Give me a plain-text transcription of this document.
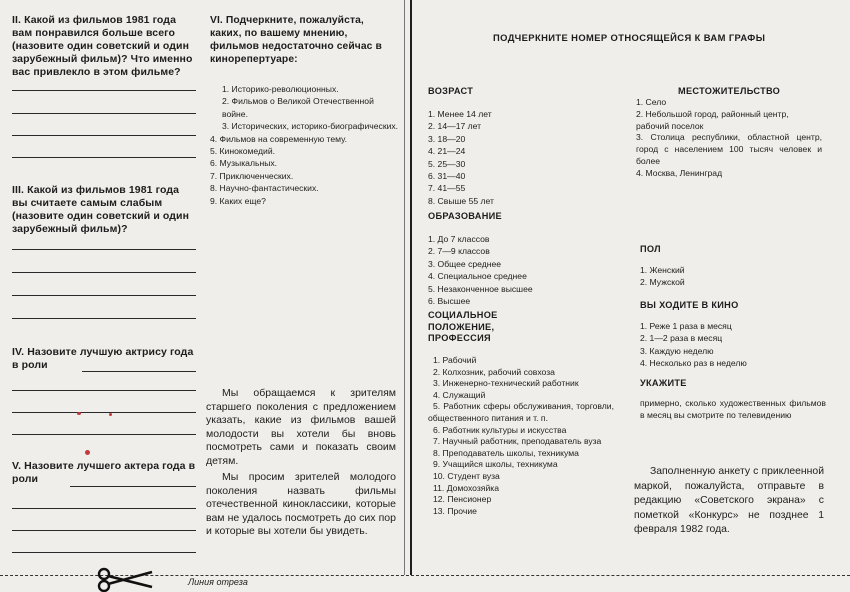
II. Какой из фильмов 1981 года вам понравился больше всего (назовите один советский и один зарубежный фильм)? Что именно вас привлекло в этом фильме?
III. Какой из фильмов 1981 года вы считаете самым слабым (назовите один советский и один зарубежный фильм)?
IV. Назовите лучшую актрису года в роли
V. Назовите лучшего актера года в роли
VI. Подчеркните, пожалуйста, каких, по вашему мнению, фильмов недостаточно сейчас в кинорепертуаре:
1. Историко-революционных.
2. Фильмов о Великой Отечественной войне.
3. Исторических, историко-биографических.
4. Фильмов на современную тему.
5. Кинокомедий.
6. Музыкальных.
7. Приключенческих.
8. Научно-фантастических.
9. Каких еще?
Мы обращаемся к зрителям старшего поколения с предложением указать, какие из фильмов вашей молодости вы хотели бы вновь посмотреть сами и показать своим детям.
Мы просим зрителей молодого поколения назвать фильмы отечественной киноклассики, которые вам не удалось посмотреть до сих пор и которые вы хотели бы увидеть.
ПОДЧЕРКНИТЕ НОМЕР ОТНОСЯЩЕЙСЯ К ВАМ ГРАФЫ
ВОЗРАСТ
1. Менее 14 лет
2. 14—17 лет
3. 18—20
4. 21—24
5. 25—30
6. 31—40
7. 41—55
8. Свыше 55 лет
ОБРАЗОВАНИЕ
1. До 7 классов
2. 7—9 классов
3. Общее среднее
4. Специальное среднее
5. Незаконченное высшее
6. Высшее
СОЦИАЛЬНОЕ
ПОЛОЖЕНИЕ,
ПРОФЕССИЯ
1. Рабочий
2. Колхозник, рабочий совхоза
3. Инженерно-технический работник
4. Служащий
5. Работник сферы обслуживания, торговли, общественного питания и т. п.
6. Работник культуры и искусства
7. Научный работник, преподаватель вуза
8. Преподаватель школы, техникума
9. Учащийся школы, техникума
10. Студент вуза
11. Домохозяйка
12. Пенсионер
13. Прочие
МЕСТОЖИТЕЛЬСТВО
1. Село
2. Небольшой город, районный центр, рабочий поселок
3. Столица республики, областной центр, город с населением 100 тысяч человек и более
4. Москва, Ленинград
ПОЛ
1. Женский
2. Мужской
ВЫ ХОДИТЕ В КИНО
1. Реже 1 раза в месяц
2. 1—2 раза в месяц
3. Каждую неделю
4. Несколько раз в неделю
УКАЖИТЕ
примерно, сколько художественных фильмов в месяц вы смотрите по телевидению
Заполненную анкету с приклеенной маркой, пожалуйста, отправьте в редакцию «Советского экрана» с пометкой «Конкурс» не позднее 1 февраля 1982 года.
Линия отреза
